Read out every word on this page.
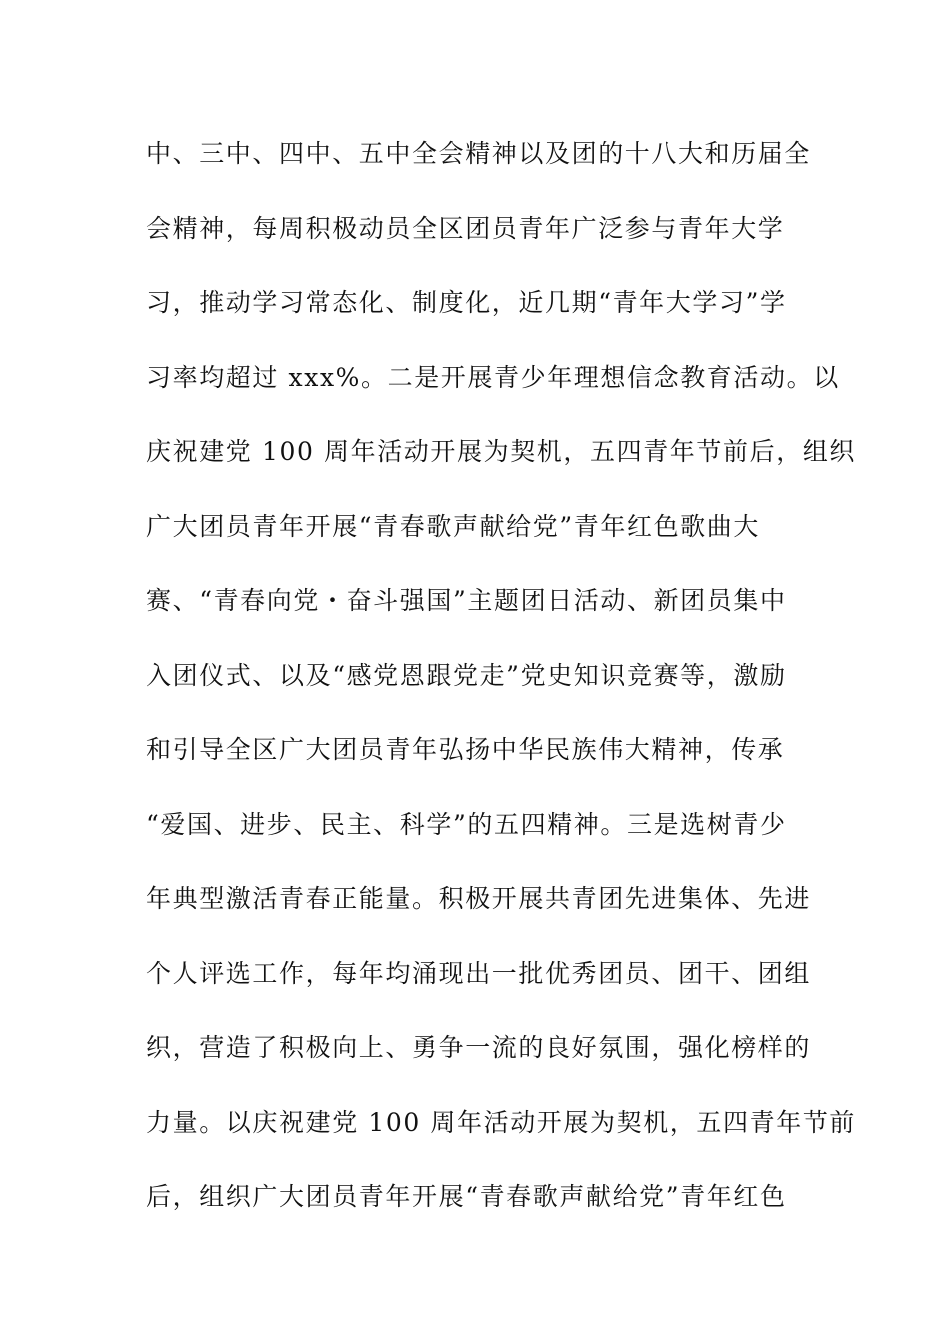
中、三中、四中、五中全会精神以及团的十八大和历届全
会精神，每周积极动员全区团员青年广泛参与青年大学
习，推动学习常态化、制度化，近几期“青年大学习”学
习率均超过 xxx%。二是开展青少年理想信念教育活动。以
庆祝建党 100 周年活动开展为契机，五四青年节前后，组织
广大团员青年开展“青春歌声献给党”青年红色歌曲大
赛、“青春向党・奋斗强国”主题团日活动、新团员集中
入团仪式、以及“感党恩跟党走”党史知识竞赛等，激励
和引导全区广大团员青年弘扬中华民族伟大精神，传承
“爱国、进步、民主、科学”的五四精神。三是选树青少
年典型激活青春正能量。积极开展共青团先进集体、先进
个人评选工作，每年均涌现出一批优秀团员、团干、团组
织，营造了积极向上、勇争一流的良好氛围，强化榜样的
力量。以庆祝建党 100 周年活动开展为契机，五四青年节前
后，组织广大团员青年开展“青春歌声献给党”青年红色
